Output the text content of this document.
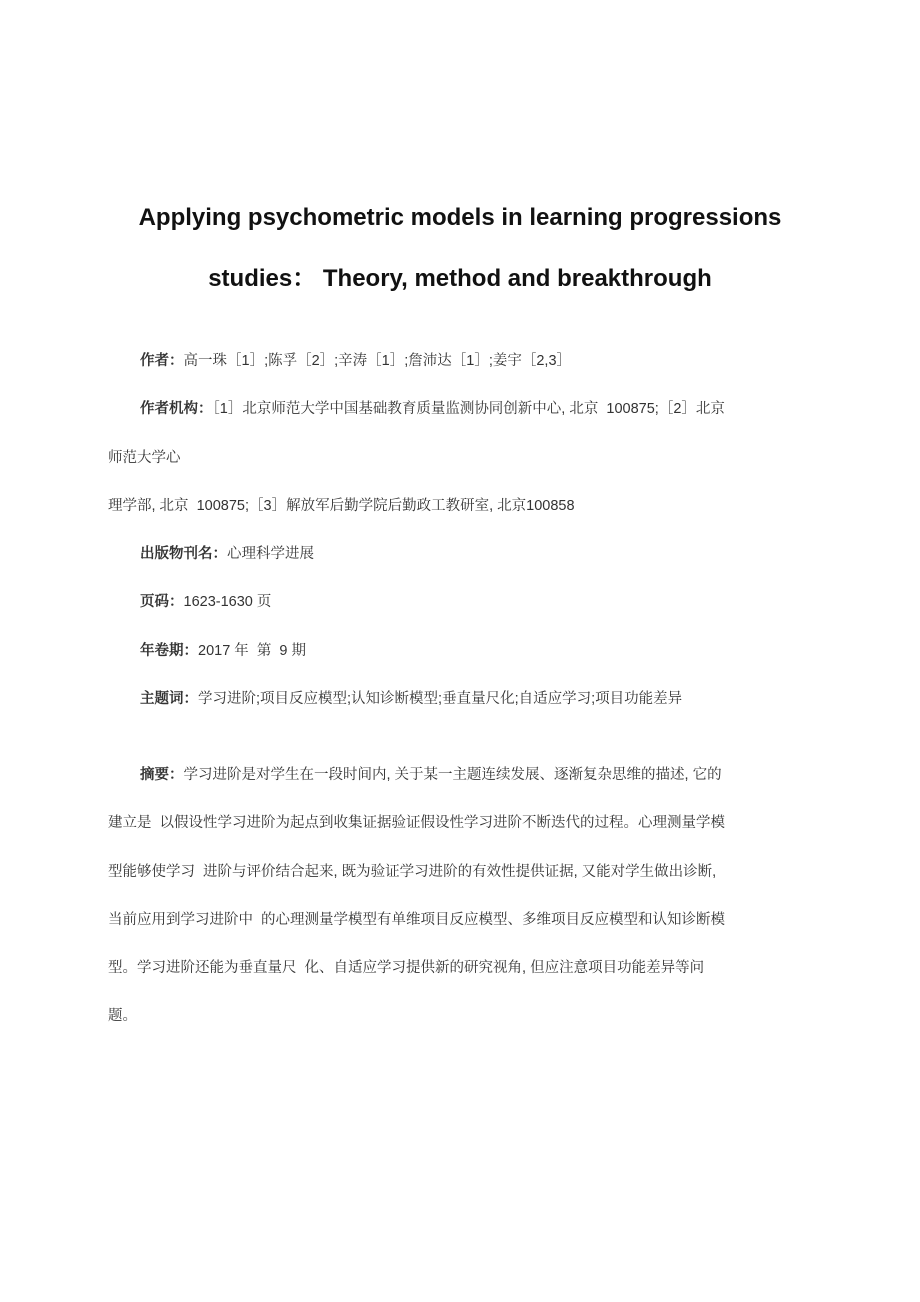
Applying psychometric models in learning progressions
studies： Theory, method and breakthrough
作者：高一珠［1］;陈孚［2］;辛涛［1］;詹沛达［1］;姜宇［2,3］
作者机构：［1］北京师范大学中国基础教育质量监测协同创新中心, 北京  100875;［2］北京
师范大学心
理学部, 北京  100875;［3］解放军后勤学院后勤政工教研室, 北京100858
出版物刊名：心理科学进展
页码：1623-1630 页
年卷期：2017 年  第  9 期
主题词：学习进阶;项目反应模型;认知诊断模型;垂直量尺化;自适应学习;项目功能差异
摘要：学习进阶是对学生在一段时间内, 关于某一主题连续发展、逐渐复杂思维的描述, 它的
建立是  以假设性学习进阶为起点到收集证据验证假设性学习进阶不断迭代的过程。心理测量学模
型能够使学习  进阶与评价结合起来, 既为验证学习进阶的有效性提供证据, 又能对学生做出诊断,
当前应用到学习进阶中  的心理测量学模型有单维项目反应模型、多维项目反应模型和认知诊断模
型。学习进阶还能为垂直量尺  化、自适应学习提供新的研究视角, 但应注意项目功能差异等问
题。
